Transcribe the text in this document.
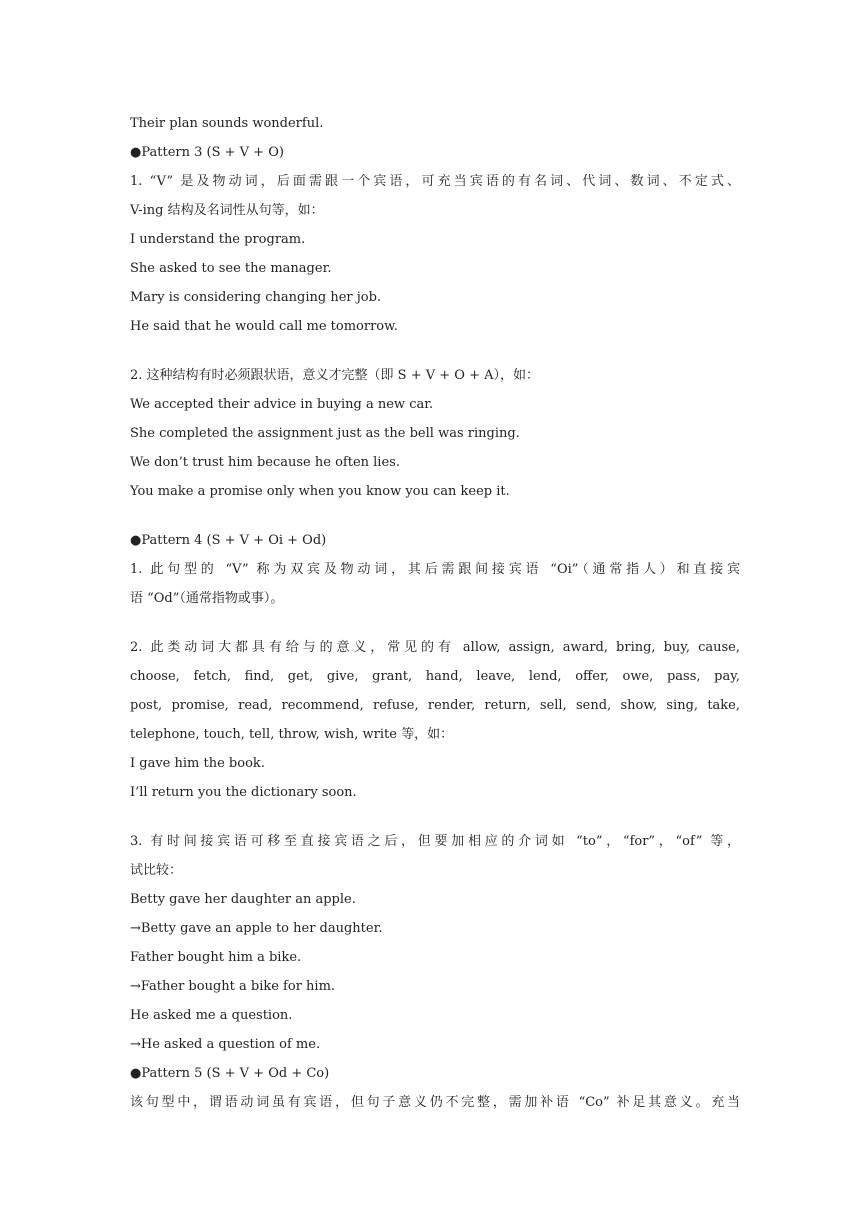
Their plan sounds wonderful.
●Pattern 3 (S + V + O)
1. “V” 是及物动词，后面需跟一个宾语，可充当宾语的有名词、代词、数词、不定式、
V-ing 结构及名词性从句等，如：
I understand the program.
She asked to see the manager.
Mary is considering changing her job.
He said that he would call me tomorrow.
2. 这种结构有时必须跟状语，意义才完整（即 S + V + O + A），如：
We accepted their advice in buying a new car.
She completed the assignment just as the bell was ringing.
We don’t trust him because he often lies.
You make a promise only when you know you can keep it.
●Pattern 4 (S + V + Oi + Od)
1. 此句型的 “V” 称为双宾及物动词，其后需跟间接宾语 “Oi”（通常指人）和直接宾
语 “Od”（通常指物或事）。
2. 此类动词大都具有给与的意义，常见的有 allow, assign, award, bring, buy, cause,
choose, fetch, find, get, give, grant, hand, leave, lend, offer, owe, pass, pay,
post, promise, read, recommend, refuse, render, return, sell, send, show, sing, take,
telephone, touch, tell, throw, wish, write 等，如：
I gave him the book.
I’ll return you the dictionary soon.
3. 有时间接宾语可移至直接宾语之后，但要加相应的介词如 “to”，“for”，“of” 等，
试比较：
Betty gave her daughter an apple.
→Betty gave an apple to her daughter.
Father bought him a bike.
→Father bought a bike for him.
He asked me a question.
→He asked a question of me.
●Pattern 5 (S + V + Od + Co)
该句型中，谓语动词虽有宾语，但句子意义仍不完整，需加补语 “Co” 补足其意义。充当
